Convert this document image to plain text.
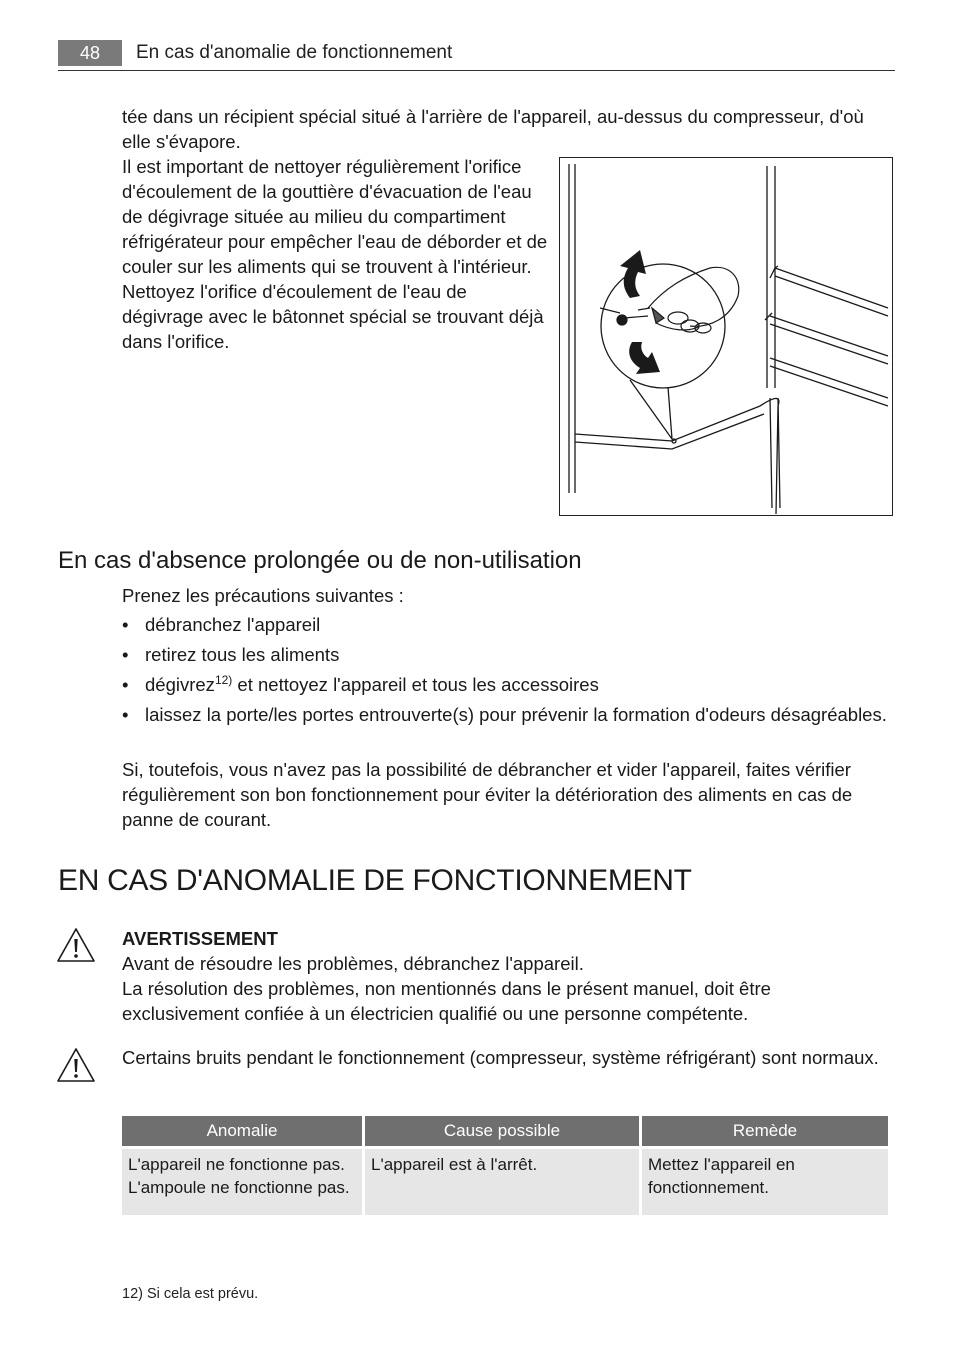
48	En cas d'anomalie de fonctionnement
tée dans un récipient spécial situé à l'arrière de l'appareil, au-dessus du compresseur, d'où elle s'évapore.
Il est important de nettoyer régulièrement l'orifice d'écoulement de la gouttière d'évacuation de l'eau de dégivrage située au milieu du compartiment réfrigérateur pour empêcher l'eau de déborder et de couler sur les aliments qui se trouvent à l'intérieur. Nettoyez l'orifice d'écoulement de l'eau de dégivrage avec le bâtonnet spécial se trouvant déjà dans l'orifice.
En cas d'absence prolongée ou de non-utilisation
Prenez les précautions suivantes :
• débranchez l'appareil
• retirez tous les aliments
• dégivrez$^{12)}$ et nettoyez l'appareil et tous les accessoires
• laissez la porte/les portes entrouverte(s) pour prévenir la formation d'odeurs désagréables.
Si, toutefois, vous n'avez pas la possibilité de débrancher et vider l'appareil, faites vérifier régulièrement son bon fonctionnement pour éviter la détérioration des aliments en cas de panne de courant.
EN CAS D'ANOMALIE DE FONCTIONNEMENT
AVERTISSEMENT
Avant de résoudre les problèmes, débranchez l'appareil.
La résolution des problèmes, non mentionnés dans le présent manuel, doit être exclusivement confiée à un électricien qualifié ou une personne compétente.
Certains bruits pendant le fonctionnement (compresseur, système réfrigérant) sont normaux.
Anomalie	Cause possible	Remède
L'appareil ne fonctionne pas. L'ampoule ne fonctionne pas.	L'appareil est à l'arrêt.	Mettez l'appareil en fonctionnement.
12) Si cela est prévu.
